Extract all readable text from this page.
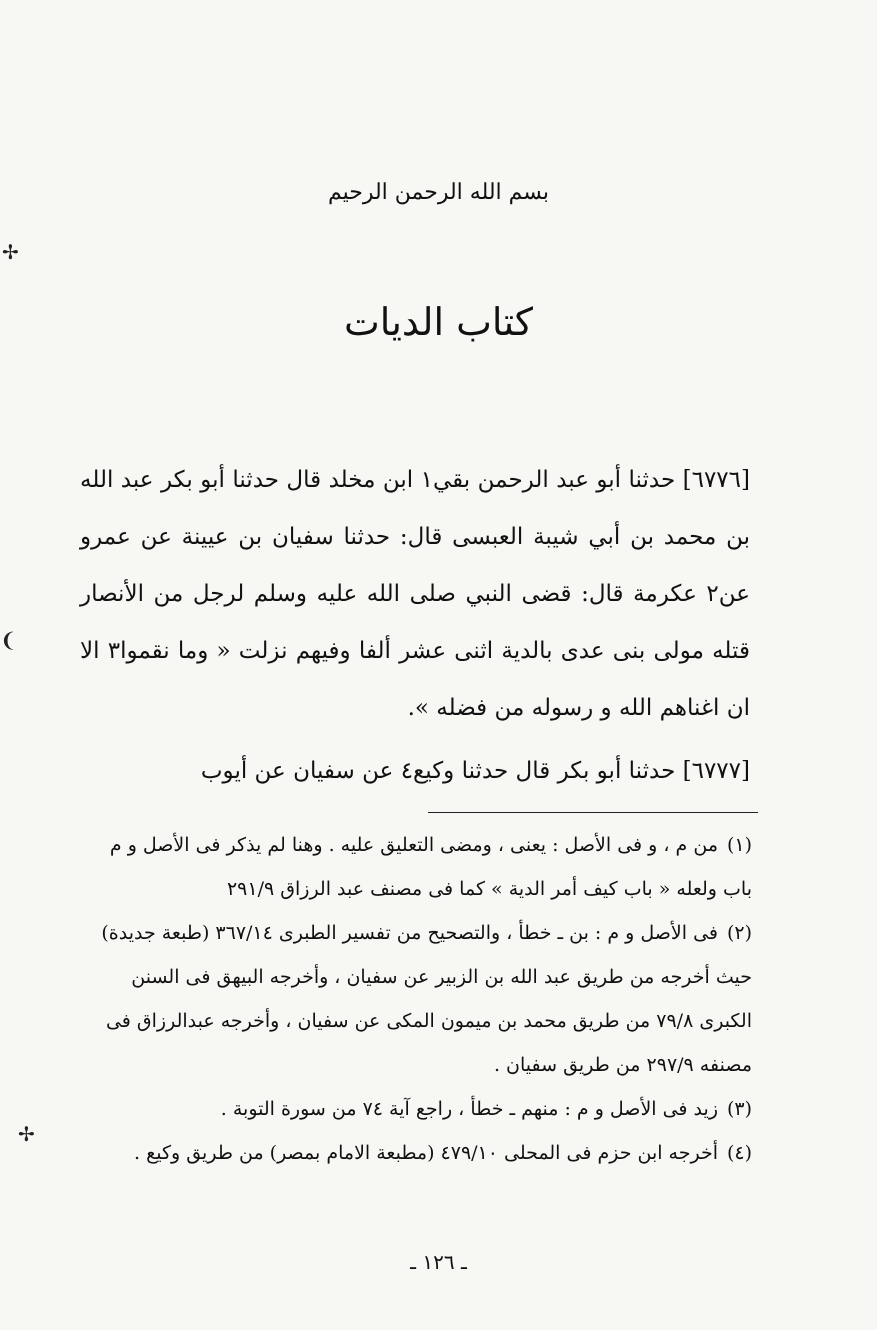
✢
❨
✢
بسم الله الرحمن الرحيم
كتاب الديات

[٦٧٧٦] حدثنا أبو عبد الرحمن بقي١ ابن مخلد قال حدثنا أبو بكر عبد الله بن محمد بن أبي شيبة العبسى قال: حدثنا سفيان بن عيينة عن عمرو عن٢ عكرمة قال: قضى النبي صلى الله عليه وسلم لرجل من الأنصار قتله مولى بنى عدى بالدية اثنى عشر ألفا وفيهم نزلت « وما نقموا٣ الا ان اغناهم الله و رسوله من فضله ».

[٦٧٧٧] حدثنا أبو بكر قال حدثنا وكيع٤ عن سفيان عن أيوب

(١)من م ، و فى الأصل : يعنى ، ومضى التعليق عليه . وهنا لم يذكر فى الأصل و م باب ولعله « باب كيف أمر الدية » كما فى مصنف عبد الرزاق ٢٩١/٩
(٢)فى الأصل و م : بن ـ خطأ ، والتصحيح من تفسير الطبرى ٣٦٧/١٤ (طبعة جديدة) حيث أخرجه من طريق عبد الله بن الزبير عن سفيان ، وأخرجه البيهق فى السنن الكبرى ٧٩/٨ من طريق محمد بن ميمون المكى عن سفيان ، وأخرجه عبدالرزاق فى مصنفه ٢٩٧/٩ من طريق سفيان .
(٣)زيد فى الأصل و م : منهم ـ خطأ ، راجع آية ٧٤ من سورة التوبة .
(٤)أخرجه ابن حزم فى المحلى ٤٧٩/١٠ (مطبعة الامام بمصر) من طريق وكيع .
ـ ١٢٦ ـ
